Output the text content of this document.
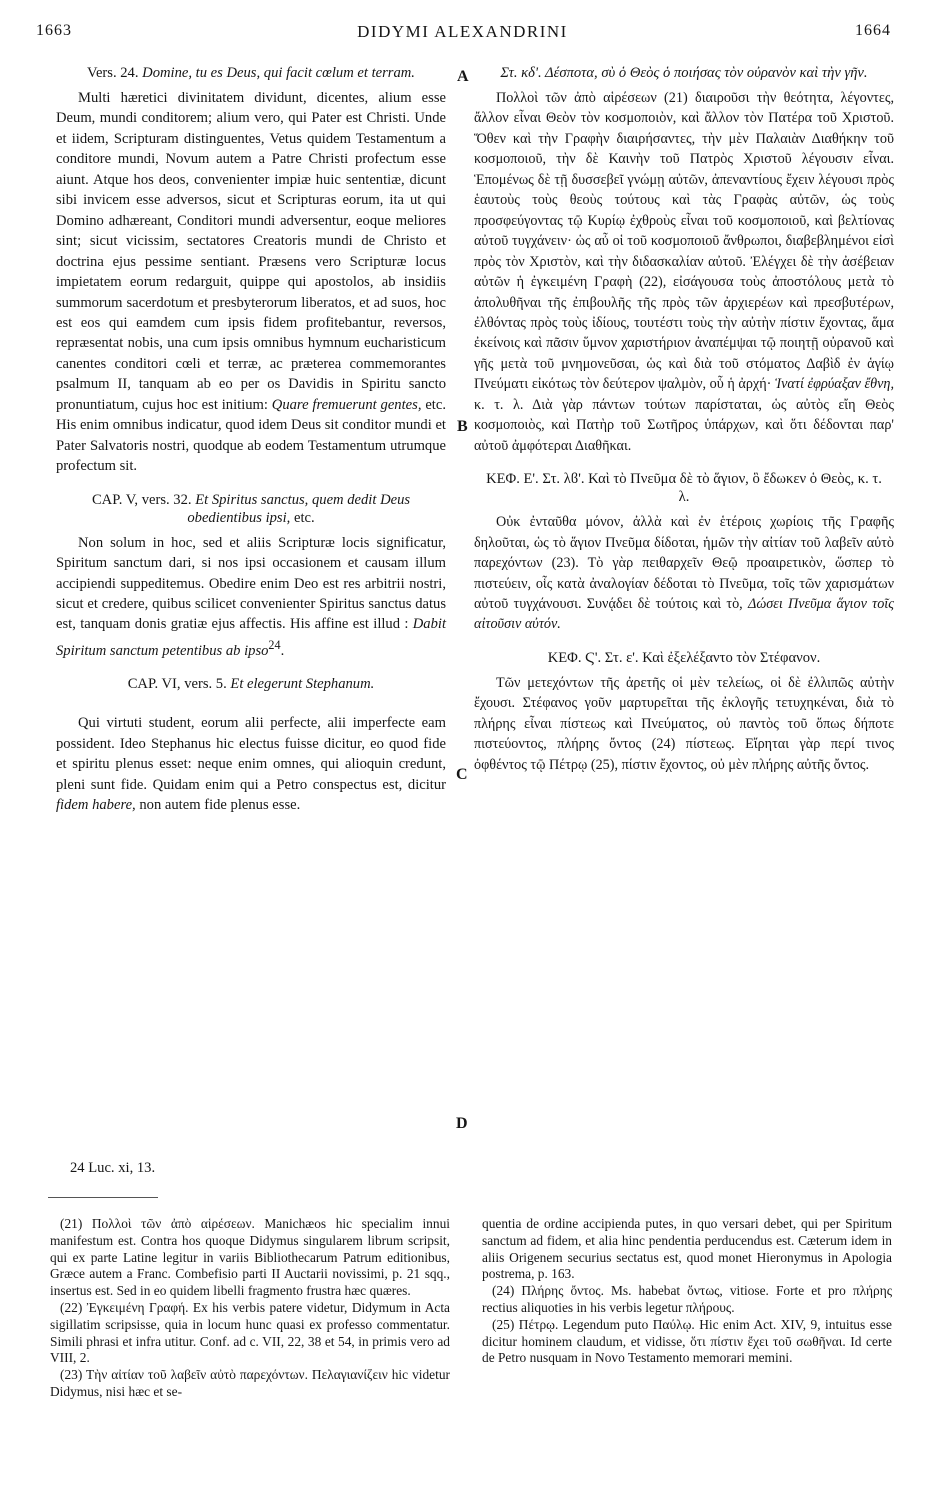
1663	DIDYMI ALEXANDRINI	1664
A
B
C
D
Vers. 24. Domine, tu es Deus, qui facit cœlum et terram.

Multi hæretici divinitatem dividunt, dicentes, alium esse Deum, mundi conditorem; alium vero, qui Pater est Christi. Unde et iidem, Scripturam distinguentes, Vetus quidem Testamentum a conditore mundi, Novum autem a Patre Christi profectum esse aiunt. Atque hos deos, convenienter impiæ huic sententiæ, dicunt sibi invicem esse adversos, sicut et Scripturas eorum, ita ut qui Domino adhæreant, Conditori mundi adversentur, eoque meliores sint; sicut vicissim, sectatores Creatoris mundi de Christo et doctrina ejus pessime sentiant. Præsens vero Scripturæ locus impietatem eorum redarguit, quippe qui apostolos, ab insidiis summorum sacerdotum et presbyterorum liberatos, et ad suos, hoc est eos qui eamdem cum ipsis fidem profitebantur, reversos, repræsentat nobis, una cum ipsis omnibus hymnum eucharisticum canentes conditori cœli et terræ, ac præterea commemorantes psalmum II, tanquam ab eo per os Davidis in Spiritu sancto pronuntiatum, cujus hoc est initium: Quare fremuerunt gentes, etc. His enim omnibus indicatur, quod idem Deus sit conditor mundi et Pater Salvatoris nostri, quodque ab eodem Testamentum utrumque profectum sit.

CAP. V, vers. 32. Et Spiritus sanctus, quem dedit Deus obedientibus ipsi, etc.

Non solum in hoc, sed et aliis Scripturæ locis significatur, Spiritum sanctum dari, si nos ipsi occasionem et causam illum accipiendi suppeditemus. Obedire enim Deo est res arbitrii nostri, sicut et credere, quibus scilicet convenienter Spiritus sanctus datus est, tanquam donis gratiæ ejus affectis. His affine est illud : Dabit Spiritum sanctum petentibus ab ipso$^{24}$.

CAP. VI, vers. 5. Et elegerunt Stephanum.

Qui virtuti student, eorum alii perfecte, alii imperfecte eam possident. Ideo Stephanus hic electus fuisse dicitur, eo quod fide et spiritu plenus esset: neque enim omnes, qui alioquin credunt, pleni sunt fide. Quidam enim qui a Petro conspectus est, dicitur fidem habere, non autem fide plenus esse.

Στ. κδ'. Δέσποτα, σὺ ὁ Θεὸς ὁ ποιήσας τὸν οὐρανὸν καὶ τὴν γῆν.

Πολλοὶ τῶν ἀπὸ αἱρέσεων (21) διαιροῦσι τὴν θεότητα, λέγοντες, ἄλλον εἶναι Θεὸν τὸν κοσμοποιὸν, καὶ ἄλλον τὸν Πατέρα τοῦ Χριστοῦ. Ὅθεν καὶ τὴν Γραφὴν διαιρήσαντες, τὴν μὲν Παλαιὰν Διαθήκην τοῦ κοσμοποιοῦ, τὴν δὲ Καινὴν τοῦ Πατρὸς Χριστοῦ λέγουσιν εἶναι. Ἑπομένως δὲ τῇ δυσσεβεῖ γνώμῃ αὐτῶν, ἀπεναντίους ἔχειν λέγουσι πρὸς ἑαυτοὺς τοὺς θεοὺς τούτους καὶ τὰς Γραφὰς αὐτῶν, ὡς τοὺς προσφεύγοντας τῷ Κυρίῳ ἐχθροὺς εἶναι τοῦ κοσμοποιοῦ, καὶ βελτίονας αὐτοῦ τυγχάνειν· ὡς αὖ οἱ τοῦ κοσμοποιοῦ ἄνθρωποι, διαβεβλημένοι εἰσὶ πρὸς τὸν Χριστὸν, καὶ τὴν διδασκαλίαν αὐτοῦ. Ἐλέγχει δὲ τὴν ἀσέβειαν αὐτῶν ἡ ἐγκειμένη Γραφὴ (22), εἰσάγουσα τοὺς ἀποστόλους μετὰ τὸ ἀπολυθῆναι τῆς ἐπιβουλῆς τῆς πρὸς τῶν ἀρχιερέων καὶ πρεσβυτέρων, ἐλθόντας πρὸς τοὺς ἰδίους, τουτέστι τοὺς τὴν αὐτὴν πίστιν ἔχοντας, ἅμα ἐκείνοις καὶ πᾶσιν ὕμνον χαριστήριον ἀναπέμψαι τῷ ποιητῇ οὐρανοῦ καὶ γῆς μετὰ τοῦ μνημονεῦσαι, ὡς καὶ διὰ τοῦ στόματος Δαβὶδ ἐν ἁγίῳ Πνεύματι εἰκότως τὸν δεύτερον ψαλμὸν, οὗ ἡ ἀρχή· Ἱνατί ἐφρύαξαν ἔθνη, κ. τ. λ. Διὰ γὰρ πάντων τούτων παρίσταται, ὡς αὐτὸς εἴη Θεὸς κοσμοποιὸς, καὶ Πατὴρ τοῦ Σωτῆρος ὑπάρχων, καὶ ὅτι δέδονται παρ' αὐτοῦ ἀμφότεραι Διαθῆκαι.

ΚΕΦ. Ε'. Στ. λϐ'. Καὶ τὸ Πνεῦμα δὲ τὸ ἅγιον, ὃ ἔδωκεν ὁ Θεὸς, κ. τ. λ.

Οὐκ ἐνταῦθα μόνον, ἀλλὰ καὶ ἐν ἑτέροις χωρίοις τῆς Γραφῆς δηλοῦται, ὡς τὸ ἅγιον Πνεῦμα δίδοται, ἡμῶν τὴν αἰτίαν τοῦ λαβεῖν αὐτὸ παρεχόντων (23). Τὸ γὰρ πειθαρχεῖν Θεῷ προαιρετικὸν, ὥσπερ τὸ πιστεύειν, οἷς κατὰ ἀναλογίαν δέδοται τὸ Πνεῦμα, τοῖς τῶν χαρισμάτων αὐτοῦ τυγχάνουσι. Συνᾴδει δὲ τούτοις καὶ τὸ, Δώσει Πνεῦμα ἅγιον τοῖς αἰτοῦσιν αὐτόν.

ΚΕΦ. Ϛ'. Στ. ε'. Καὶ ἐξελέξαντο τὸν Στέφανον.

Τῶν μετεχόντων τῆς ἀρετῆς οἱ μὲν τελείως, οἱ δὲ ἐλλιπῶς αὐτὴν ἔχουσι. Στέφανος γοῦν μαρτυρεῖται τῆς ἐκλογῆς τετυχηκέναι, διὰ τὸ πλήρης εἶναι πίστεως καὶ Πνεύματος, οὐ παντὸς τοῦ ὅπως δήποτε πιστεύοντος, πλήρης ὄντος (24) πίστεως. Εἴρηται γὰρ περί τινος ὀφθέντος τῷ Πέτρῳ (25), πίστιν ἔχοντος, οὐ μὲν πλήρης αὐτῆς ὄντος.

24 Luc. xi, 13.

(21) Πολλοὶ τῶν ἀπὸ αἱρέσεων. Manichæos hic specialim innui manifestum est. Contra hos quoque Didymus singularem librum scripsit, qui ex parte Latine legitur in variis Bibliothecarum Patrum editionibus, Græce autem a Franc. Combefisio parti II Auctarii novissimi, p. 21 sqq., insertus est. Sed in eo quidem libelli fragmento frustra hæc quæres.

(22) Ἐγκειμένη Γραφή. Ex his verbis patere videtur, Didymum in Acta sigillatim scripsisse, quia in locum hunc quasi ex professo commentatur. Simili phrasi et infra utitur. Conf. ad c. VII, 22, 38 et 54, in primis vero ad VIII, 2.

(23) Τὴν αἰτίαν τοῦ λαβεῖν αὐτὸ παρεχόντων. Πελαγιανίζειν hic videtur Didymus, nisi hæc et se-

quentia de ordine accipienda putes, in quo versari debet, qui per Spiritum sanctum ad fidem, et alia hinc pendentia perducendus est. Cæterum idem in aliis Origenem securius sectatus est, quod monet Hieronymus in Apologia postrema, p. 163.

(24) Πλήρης ὄντος. Ms. habebat ὄντως, vitiose. Forte et pro πλήρης rectius aliquoties in his verbis legetur πλήρους.

(25) Πέτρῳ. Legendum puto Παύλῳ. Hic enim Act. XIV, 9, intuitus esse dicitur hominem claudum, et vidisse, ὅτι πίστιν ἔχει τοῦ σωθῆναι. Id certe de Petro nusquam in Novo Testamento memorari memini.
